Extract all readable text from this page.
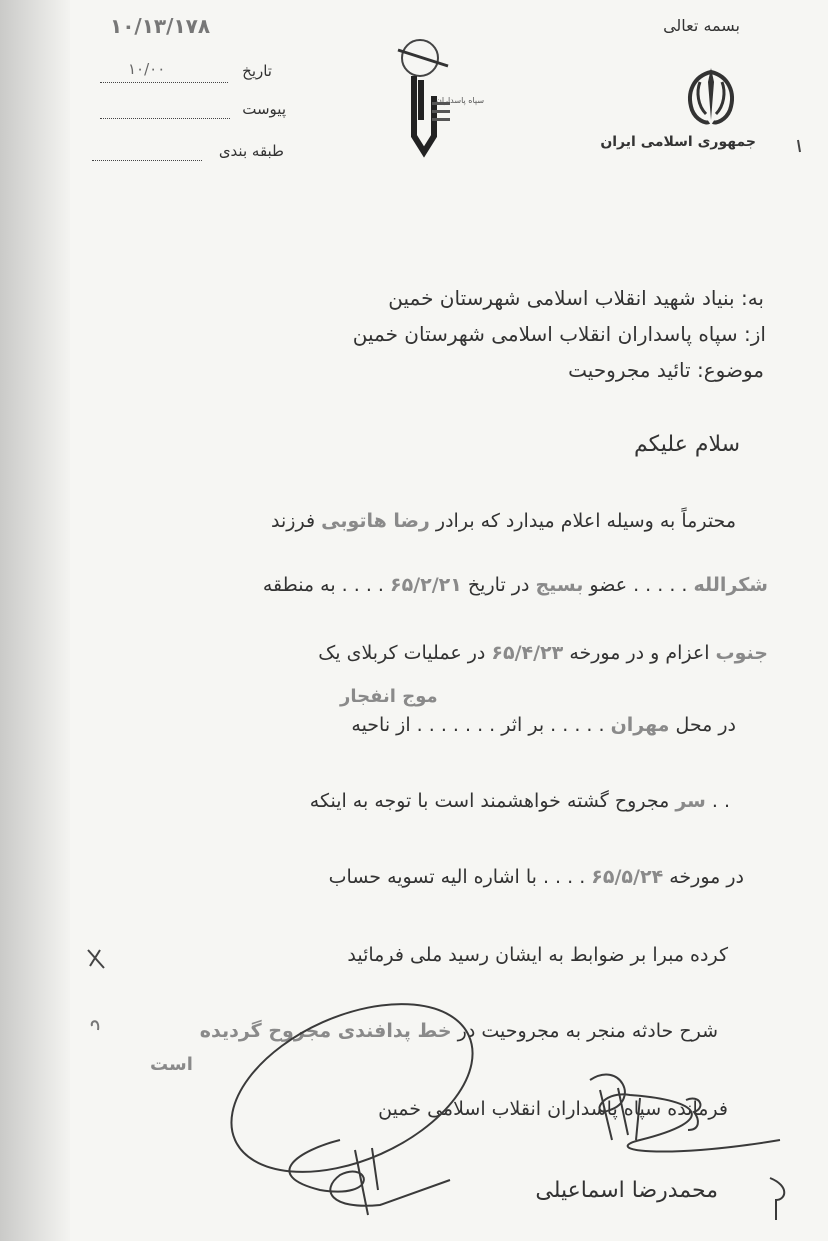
بسمه تعالی
جمهوری اسلامی ایران
سپاه پاسداران
۱۰/۱۳/۱۷۸
تاریخ
۱۰/۰۰
پیوست
طبقه بندی
به: بنیاد شهید انقلاب اسلامی شهرستان خمین
از: سپاه پاسداران انقلاب اسلامی شهرستان خمین
موضوع: تائید مجروحیت
سلام علیکم
محترماً به وسیله اعلام میدارد که برادر رضا هاتوبی فرزند
شکرالله . . . . . عضو بسیج در تاریخ ۶۵/۲/۲۱ . . . . به منطقه
جنوب اعزام و در مورخه ۶۵/۴/۲۳ در عملیات کربلای یک
موج انفجار
در محل مهران . . . . . بر اثر . . . . . . . از ناحیه
. . سر مجروح گشته خواهشمند است با توجه به اینکه
در مورخه ۶۵/۵/۲۴ . . . . با اشاره الیه تسویه حساب
کرده مبرا بر ضوابط به ایشان رسید ملی فرمائید
شرح حادثه منجر به مجروحیت در خط پدافندی مجروح گردیده
است
فرمانده سپاه پاسداران انقلاب اسلامی خمین
محمدرضا اسماعیلی
